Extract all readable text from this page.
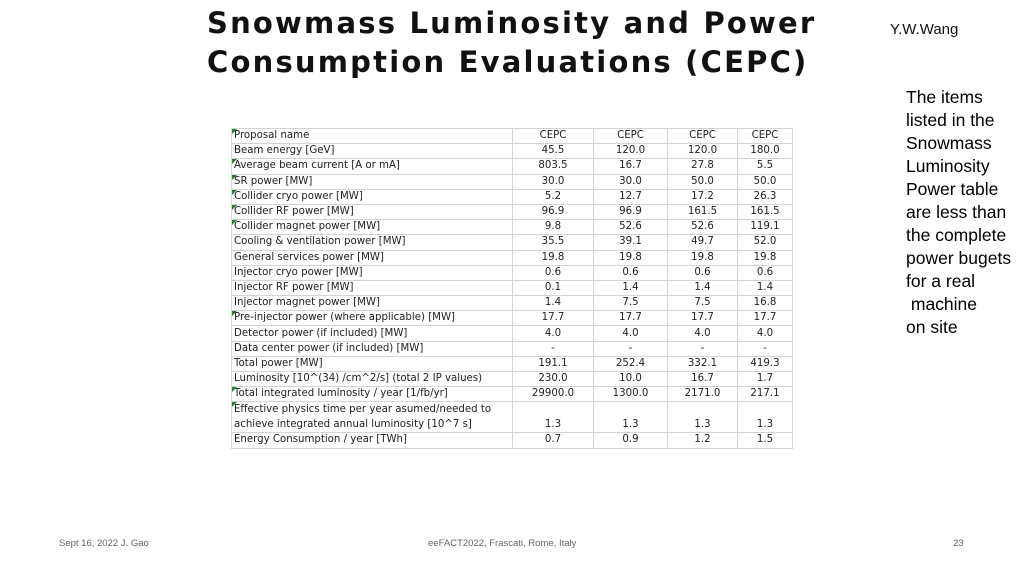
Snowmass Luminosity and Power
Consumption Evaluations (CEPC)
Y.W.Wang
The items
listed in the
Snowmass
Luminosity
Power table
are less than
the complete
power bugets
for a real
machine
on site
Proposal name	CEPC	CEPC	CEPC	CEPC
Beam energy [GeV]	45.5	120.0	120.0	180.0

Average beam current [A or mA]	803.5	16.7	27.8	5.5

SR power [MW]	30.0	30.0	50.0	50.0

Collider cryo power [MW]	5.2	12.7	17.2	26.3

Collider RF power [MW]	96.9	96.9	161.5	161.5

Collider magnet power [MW]	9.8	52.6	52.6	119.1
Cooling & ventilation power [MW]	35.5	39.1	49.7	52.0
General services power [MW]	19.8	19.8	19.8	19.8
Injector cryo power [MW]	0.6	0.6	0.6	0.6
Injector RF power [MW]	0.1	1.4	1.4	1.4
Injector magnet power [MW]	1.4	7.5	7.5	16.8

Pre-injector power (where applicable) [MW]	17.7	17.7	17.7	17.7
Detector power (if included) [MW]	4.0	4.0	4.0	4.0
Data center power (if included) [MW]	-	-	-	-
Total power [MW]	191.1	252.4	332.1	419.3
Luminosity [10^(34) /cm^2/s] (total 2 IP values)	230.0	10.0	16.7	1.7

Total integrated luminosity / year [1/fb/yr]	29900.0	1300.0	2171.0	217.1

Effective physics time per year asumed/needed to achieve integrated annual luminosity [10^7 s]	1.3	1.3	1.3	1.3
Energy Consumption / year [TWh]	0.7	0.9	1.2	1.5
Sept 16, 2022 J. Gao	eeFACT2022, Frascati, Rome, Italy	23
